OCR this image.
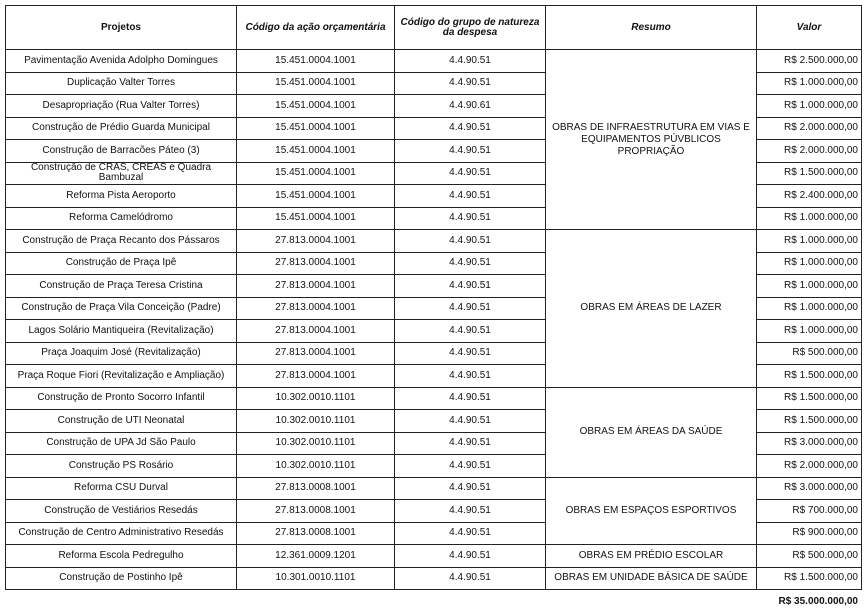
Projetos	Código da ação orçamentária	Código do grupo de natureza da despesa	Resumo	Valor
Pavimentação Avenida Adolpho Domingues	15.451.0004.1001	4.4.90.51	OBRAS DE INFRAESTRUTURA EM VIAS E EQUIPAMENTOS PÚVBLICOS PROPRIAÇÃO	R$ 2.500.000,00
Duplicação Valter Torres	15.451.0004.1001	4.4.90.51		R$ 1.000.000,00
Desapropriação (Rua Valter Torres)	15.451.0004.1001	4.4.90.61		R$ 1.000.000,00
Construção de Prédio Guarda Municipal	15.451.0004.1001	4.4.90.51		R$ 2.000.000,00
Construção de Barracões Páteo (3)	15.451.0004.1001	4.4.90.51		R$ 2.000.000,00
Construção de CRAS, CREAS e Quadra Bambuzal	15.451.0004.1001	4.4.90.51		R$ 1.500.000,00
Reforma Pista Aeroporto	15.451.0004.1001	4.4.90.51		R$ 2.400.000,00
Reforma Camelódromo	15.451.0004.1001	4.4.90.51		R$ 1.000.000,00
Construção de Praça Recanto dos Pássaros	27.813.0004.1001	4.4.90.51	OBRAS EM ÁREAS DE LAZER	R$ 1.000.000,00
Construção de Praça Ipê	27.813.0004.1001	4.4.90.51		R$ 1.000.000,00
Construção de Praça Teresa Cristina	27.813.0004.1001	4.4.90.51		R$ 1.000.000,00
Construção de Praça Vila Conceição (Padre)	27.813.0004.1001	4.4.90.51		R$ 1.000.000,00
Lagos Solário Mantiqueira (Revitalização)	27.813.0004.1001	4.4.90.51		R$ 1.000.000,00
Praça Joaquim José (Revitalização)	27.813.0004.1001	4.4.90.51		R$ 500.000,00
Praça Roque Fiori (Revitalização e Ampliação)	27.813.0004.1001	4.4.90.51		R$ 1.500.000,00
Construção de Pronto Socorro Infantil	10.302.0010.1101	4.4.90.51	OBRAS EM ÁREAS DA SAÚDE	R$ 1.500.000,00
Construção de UTI Neonatal	10.302.0010.1101	4.4.90.51		R$ 1.500.000,00
Construção de UPA Jd São Paulo	10.302.0010.1101	4.4.90.51		R$ 3.000.000,00
Construção PS Rosário	10.302.0010.1101	4.4.90.51		R$ 2.000.000,00
Reforma CSU Durval	27.813.0008.1001	4.4.90.51	OBRAS EM ESPAÇOS ESPORTIVOS	R$ 3.000.000,00
Construção de Vestiários Resedás	27.813.0008.1001	4.4.90.51		R$ 700.000,00
Construção de Centro Administrativo Resedás	27.813.0008.1001	4.4.90.51		R$ 900.000,00
Reforma Escola Pedregulho	12.361.0009.1201	4.4.90.51	OBRAS EM PRÉDIO ESCOLAR	R$ 500.000,00
Construção de Postinho Ipê	10.301.0010.1101	4.4.90.51	OBRAS EM UNIDADE BÁSICA DE SAÚDE	R$ 1.500.000,00
R$ 35.000.000,00
